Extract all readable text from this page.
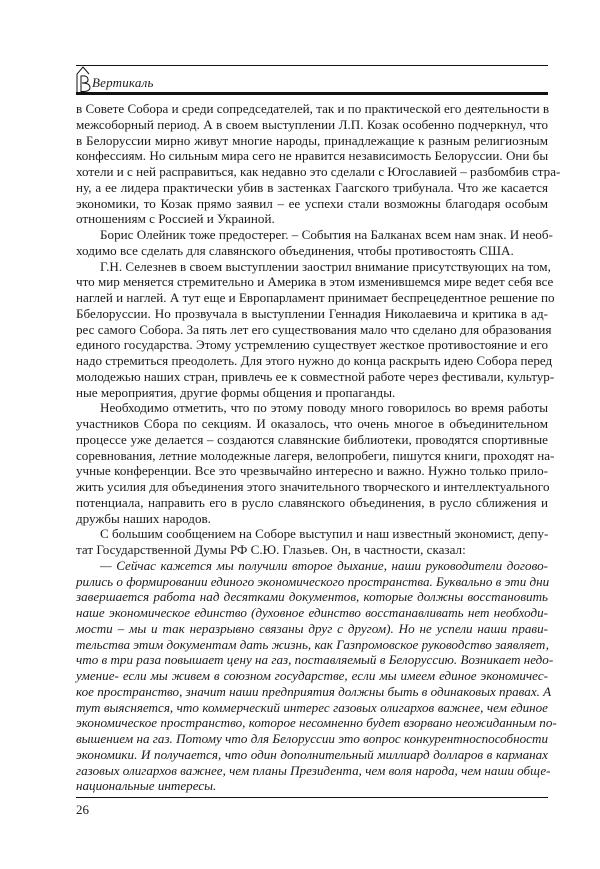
Вертикаль
в Совете Собора и среди сопредседателей, так и по практической его деятельности в
межсоборный период. А в своем выступлении Л.П. Козак особенно подчеркнул, что
в Белоруссии мирно живут многие народы, принадлежащие к разным религиозным
конфессиям. Но сильным мира сего не нравится независимость Белоруссии. Они бы
хотели и с ней расправиться, как недавно это сделали с Югославией – разбомбив стра-
ну, а ее лидера практически убив в застенках Гаагского трибунала. Что же касается
экономики, то Козак прямо заявил – ее успехи стали возможны благодаря особым
отношениям с Россией и Украиной.
Борис Олейник тоже предостерег. – События на Балканах всем нам знак. И необ-
ходимо все сделать для славянского объединения, чтобы противостоять США.
Г.Н. Селезнев в своем выступлении заострил внимание присутствующих на том,
что мир меняется стремительно и Америка в этом изменившемся мире ведет себя все
наглей и наглей. А тут еще и Европарламент принимает беспрецедентное решение по
Ббелоруссии. Но прозвучала в выступлении Геннадия Николаевича и критика в ад-
рес самого Собора. За пять лет его существования мало что сделано для образования
единого государства. Этому устремлению существует жесткое противостояние и его
надо стремиться преодолеть. Для этого нужно до конца раскрыть идею Собора перед
молодежью наших стран, привлечь ее к совместной работе через фестивали, культур-
ные мероприятия, другие формы общения и пропаганды.
Необходимо отметить, что по этому поводу много говорилось во время работы
участников Сбора по секциям. И оказалось, что очень многое в объединительном
процессе уже делается – создаются славянские библиотеки, проводятся спортивные
соревнования, летние молодежные лагеря, велопробеги, пишутся книги, проходят на-
учные конференции. Все это чрезвычайно интересно и важно. Нужно только прило-
жить усилия для объединения этого значительного творческого и интеллектуального
потенциала, направить его в русло славянского объединения, в русло сближения и
дружбы наших народов.
С большим сообщением на Соборе выступил и наш известный экономист, депу-
тат Государственной Думы РФ С.Ю. Глазьев. Он, в частности, сказал:
— Сейчас кажется мы получили второе дыхание, наши руководители догово-
рились о формировании единого экономического пространства. Буквально в эти дни
завершается работа над десятками документов, которые должны восстановить
наше экономическое единство (духовное единство восстанавливать нет необходи-
мости – мы и так неразрывно связаны друг с другом). Но не успели наши прави-
тельства этим документам дать жизнь, как Газпромовское руководство заявляет,
что в три раза повышает цену на газ, поставляемый в Белоруссию. Возникает недо-
умение- если мы живем в союзном государстве, если мы имеем единое экономичес-
кое пространство, значит наши предприятия должны быть в одинаковых правах. А
тут выясняется, что коммерческий интерес газовых олигархов важнее, чем единое
экономическое пространство, которое несомненно будет взорвано неожиданным по-
вышением на газ. Потому что для Белоруссии это вопрос конкурентноспособности
экономики. И получается, что один дополнительный миллиард долларов в карманах
газовых олигархов важнее, чем планы Президента, чем воля народа, чем наши обще-
национальные интересы.
26
